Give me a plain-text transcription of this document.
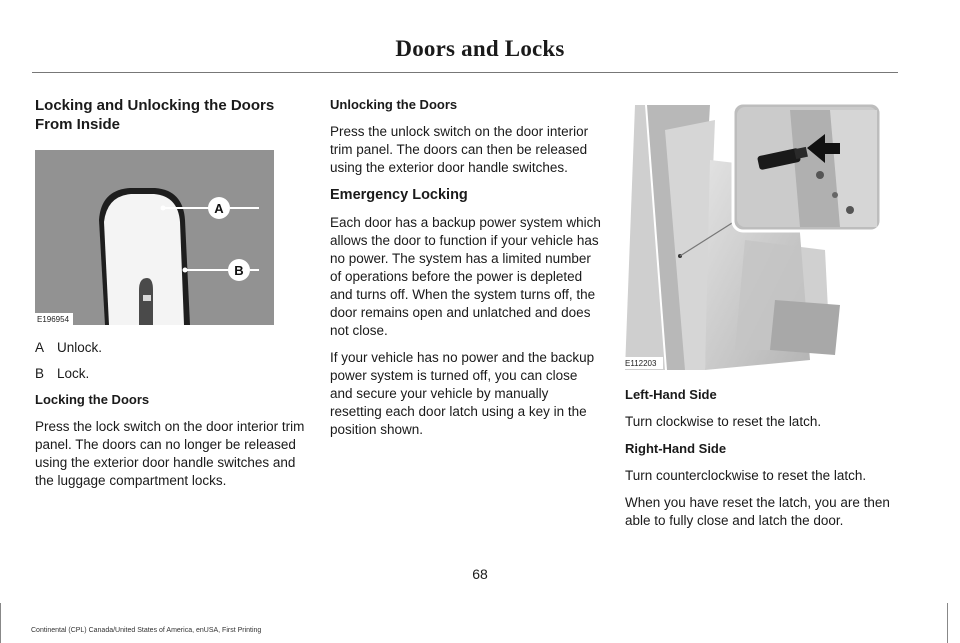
Doors and Locks
Locking and Unlocking the Doors From Inside
A
B
E196954
A Unlock.
B Lock.
Locking the Doors

Press the lock switch on the door interior trim panel. The doors can no longer be released using the exterior door handle switches and the luggage compartment locks.

Unlocking the Doors

Press the unlock switch on the door interior trim panel. The doors can then be released using the exterior door handle switches.

Emergency Locking

Each door has a backup power system which allows the door to function if your vehicle has no power. The system has a limited number of operations before the power is depleted and turns off. When the system turns off, the door remains open and unlatched and does not close.

If your vehicle has no power and the backup power system is turned off, you can close and secure your vehicle by manually resetting each door latch using a key in the position shown.

E112203
Left-Hand Side

Turn clockwise to reset the latch.

Right-Hand Side

Turn counterclockwise to reset the latch.

When you have reset the latch, you are then able to fully close and latch the door.

68
Continental (CPL) Canada/United States of America, enUSA, First Printing
